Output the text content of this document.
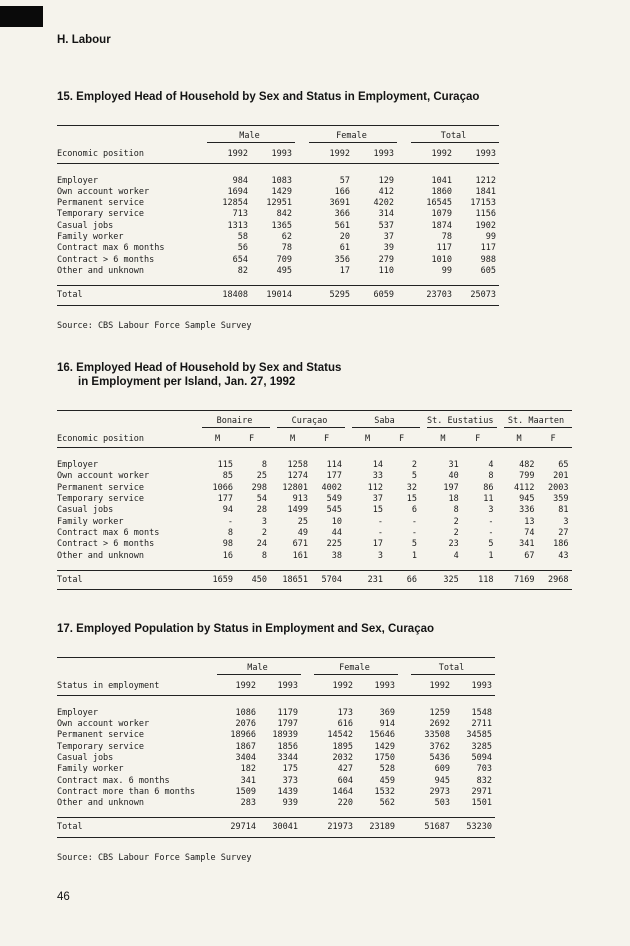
H. Labour
15. Employed Head of Household by Sex and Status in Employment, Curaçao
	Male			Female			Total	
Economic position	1992	1993		1992	1993		1992	1993
Employer	984	1083		57	129		1041	1212
Own account worker	1694	1429		166	412		1860	1841
Permanent service	12854	12951		3691	4202		16545	17153
Temporary service	713	842		366	314		1079	1156
Casual jobs	1313	1365		561	537		1874	1902
Family worker	58	62		20	37		78	99
Contract max 6 months	56	78		61	39		117	117
Contract > 6 months	654	709		356	279		1010	988
Other and unknown	82	495		17	110		99	605
Total	18408	19014		5295	6059		23703	25073
Source: CBS Labour Force Sample Survey
16. Employed Head of Household by Sex and Status
in Employment per Island, Jan. 27, 1992
	Bonaire			Curaçao			Saba			St. Eustatius			St. Maarten	
Economic position	M	F		M	F		M	F		M	F		M	F
Employer	115	8		1258	114		14	2		31	4		482	65
Own account worker	85	25		1274	177		33	5		40	8		799	201
Permanent service	1066	298		12801	4002		112	32		197	86		4112	2003
Temporary service	177	54		913	549		37	15		18	11		945	359
Casual jobs	94	28		1499	545		15	6		8	3		336	81
Family worker	-	3		25	10		-	-		2	-		13	3
Contract max 6 monts	8	2		49	44		-	-		2	-		74	27
Contract > 6 months	98	24		671	225		17	5		23	5		341	186
Other and unknown	16	8		161	38		3	1		4	1		67	43
Total	1659	450		18651	5704		231	66		325	118		7169	2968
17. Employed Population by Status in Employment and Sex, Curaçao
	Male			Female			Total	
Status in employment	1992	1993		1992	1993		1992	1993
Employer	1086	1179		173	369		1259	1548
Own account worker	2076	1797		616	914		2692	2711
Permanent service	18966	18939		14542	15646		33508	34585
Temporary service	1867	1856		1895	1429		3762	3285
Casual jobs	3404	3344		2032	1750		5436	5094
Family worker	182	175		427	528		609	703
Contract max. 6 months	341	373		604	459		945	832
Contract more than 6 months	1509	1439		1464	1532		2973	2971
Other and unknown	283	939		220	562		503	1501
Total	29714	30041		21973	23189		51687	53230
Source: CBS Labour Force Sample Survey
46
